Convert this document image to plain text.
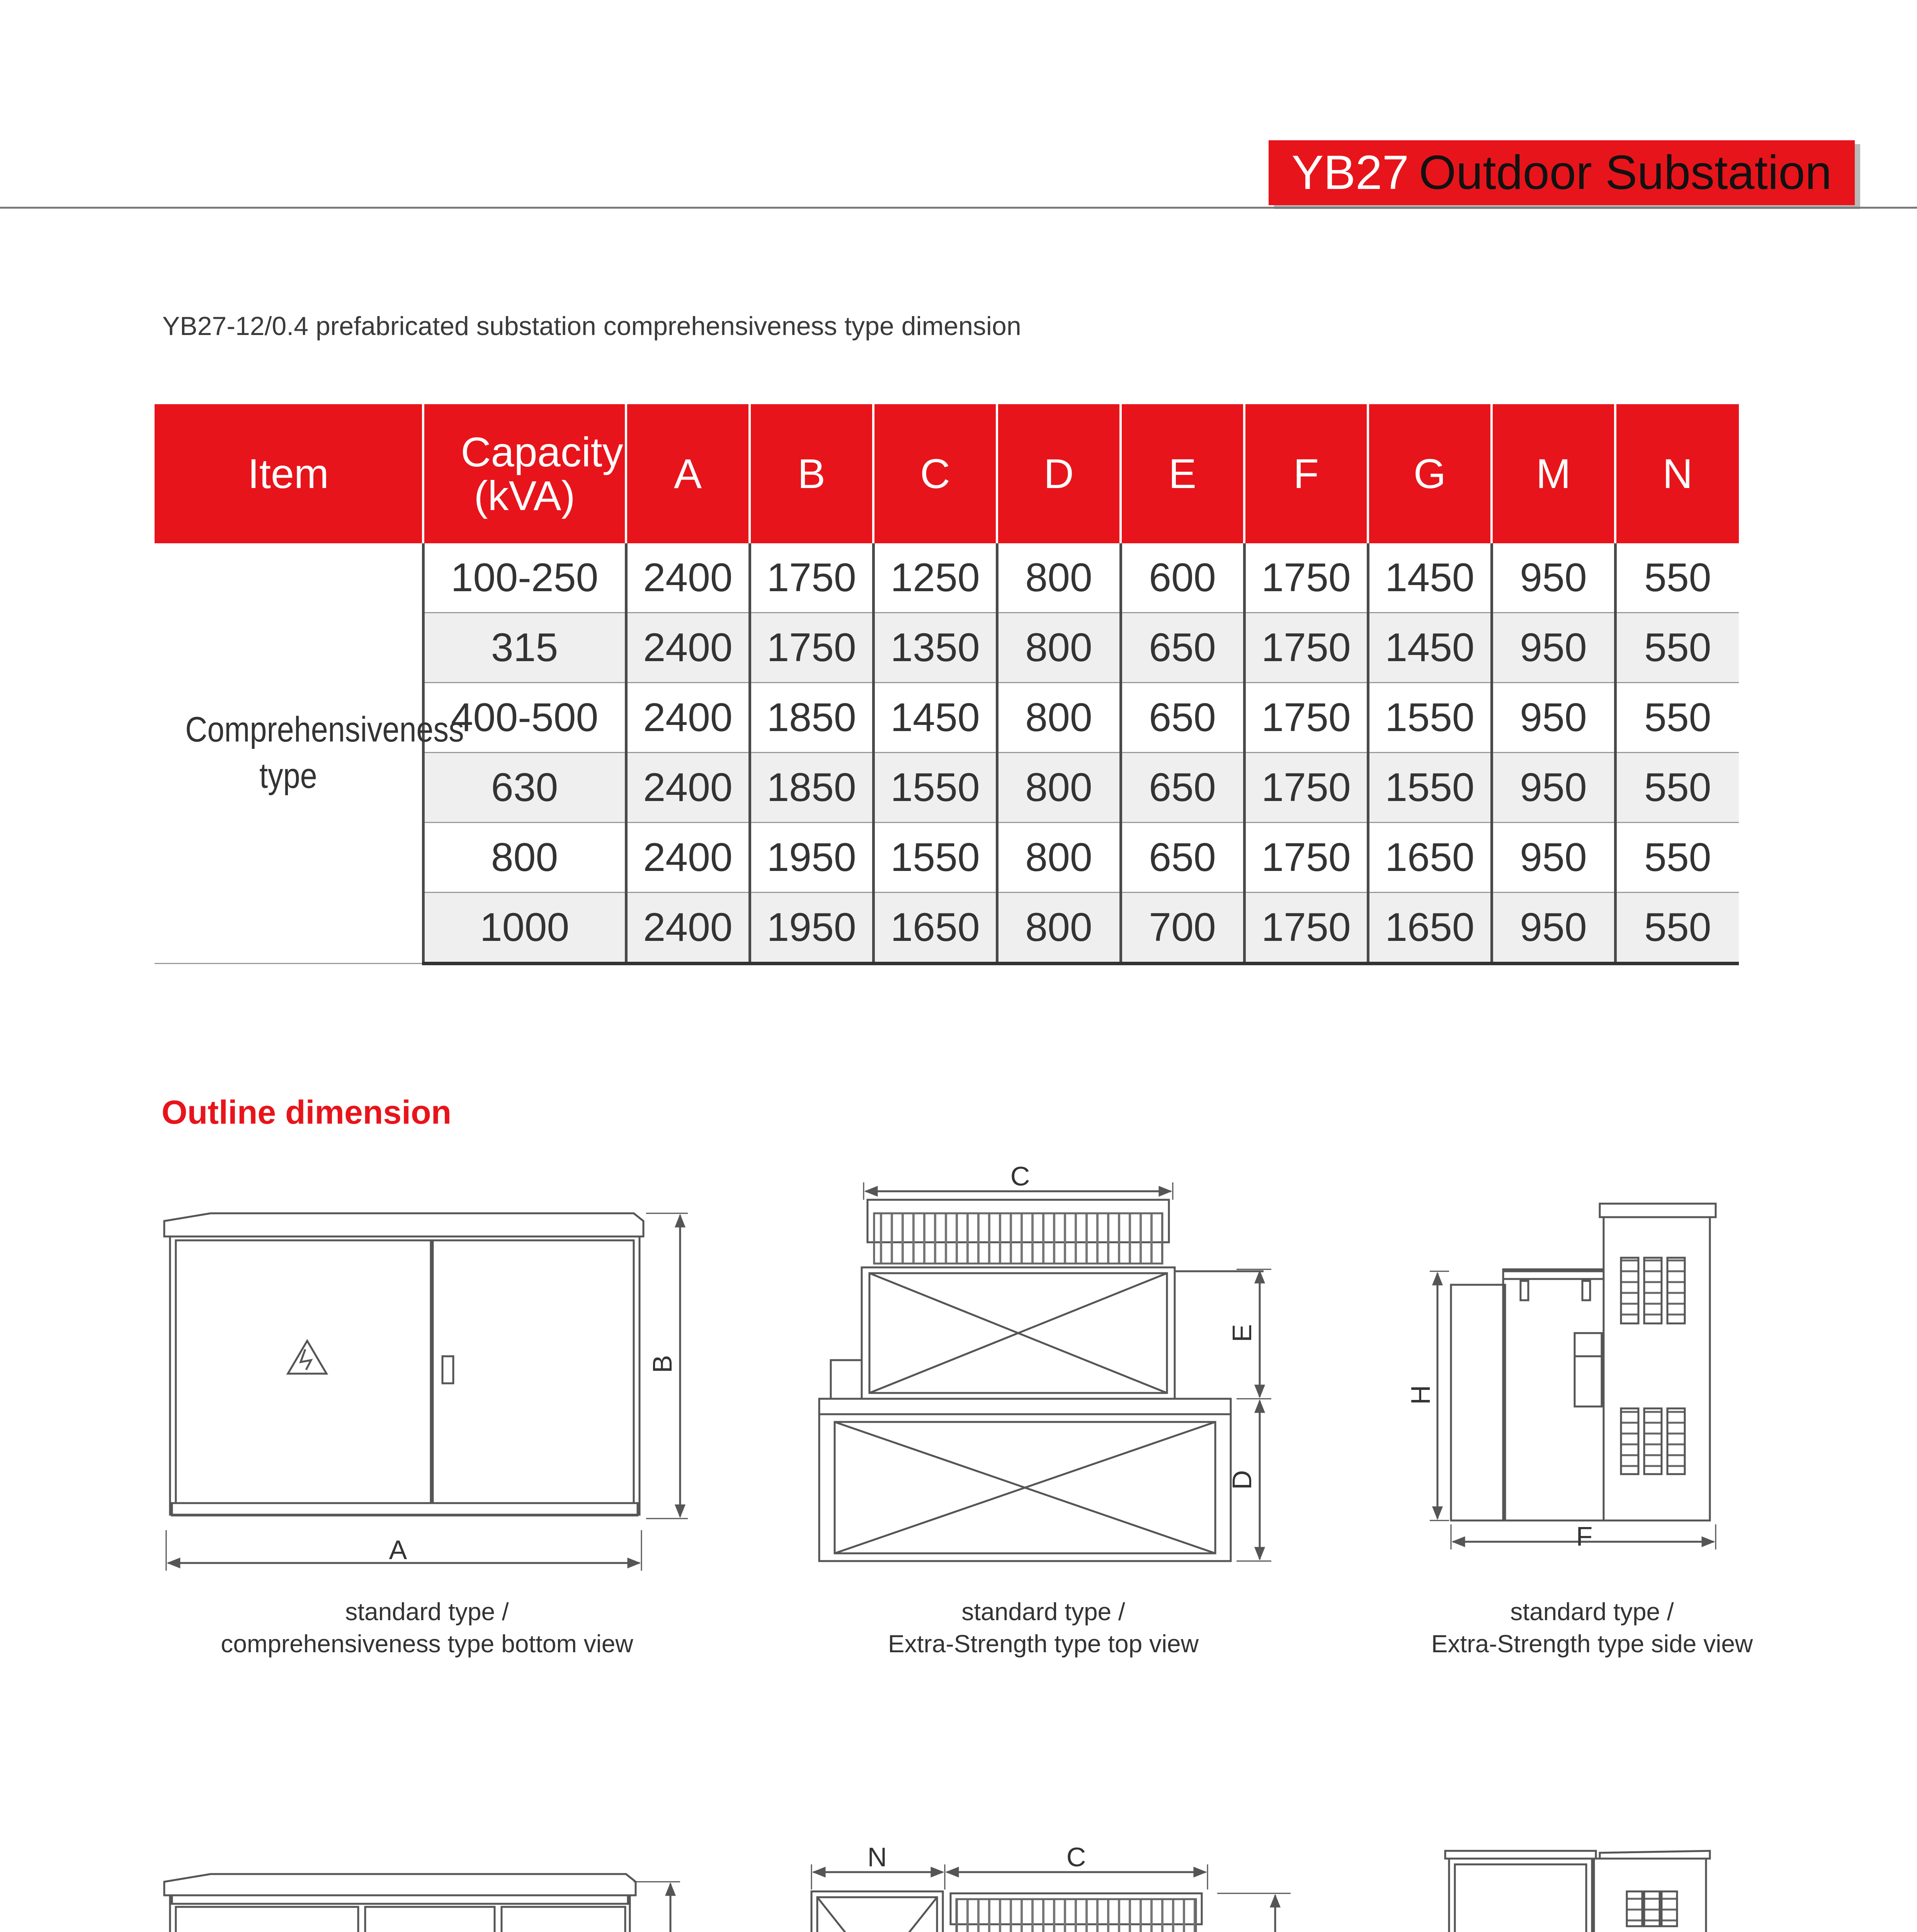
YB27 Outdoor Substation
YB27-12/0.4 prefabricated substation comprehensiveness type dimension
Item	Capacity (kVA)	A	B	C	D	E	F	G	M	N
Comprehensiveness type	100-250	2400	1750	1250	800	600	1750	1450	950	550
	315	2400	1750	1350	800	650	1750	1450	950	550
	400-500	2400	1850	1450	800	650	1750	1550	950	550
	630	2400	1850	1550	800	650	1750	1550	950	550
	800	2400	1950	1550	800	650	1750	1650	950	550
	1000	2400	1950	1650	800	700	1750	1650	950	550
Outline dimension
A
B
C
E
D
H
F
N	C
standard type /
comprehensiveness type bottom view
standard type /
Extra-Strength type top view
standard type /
Extra-Strength type side view
